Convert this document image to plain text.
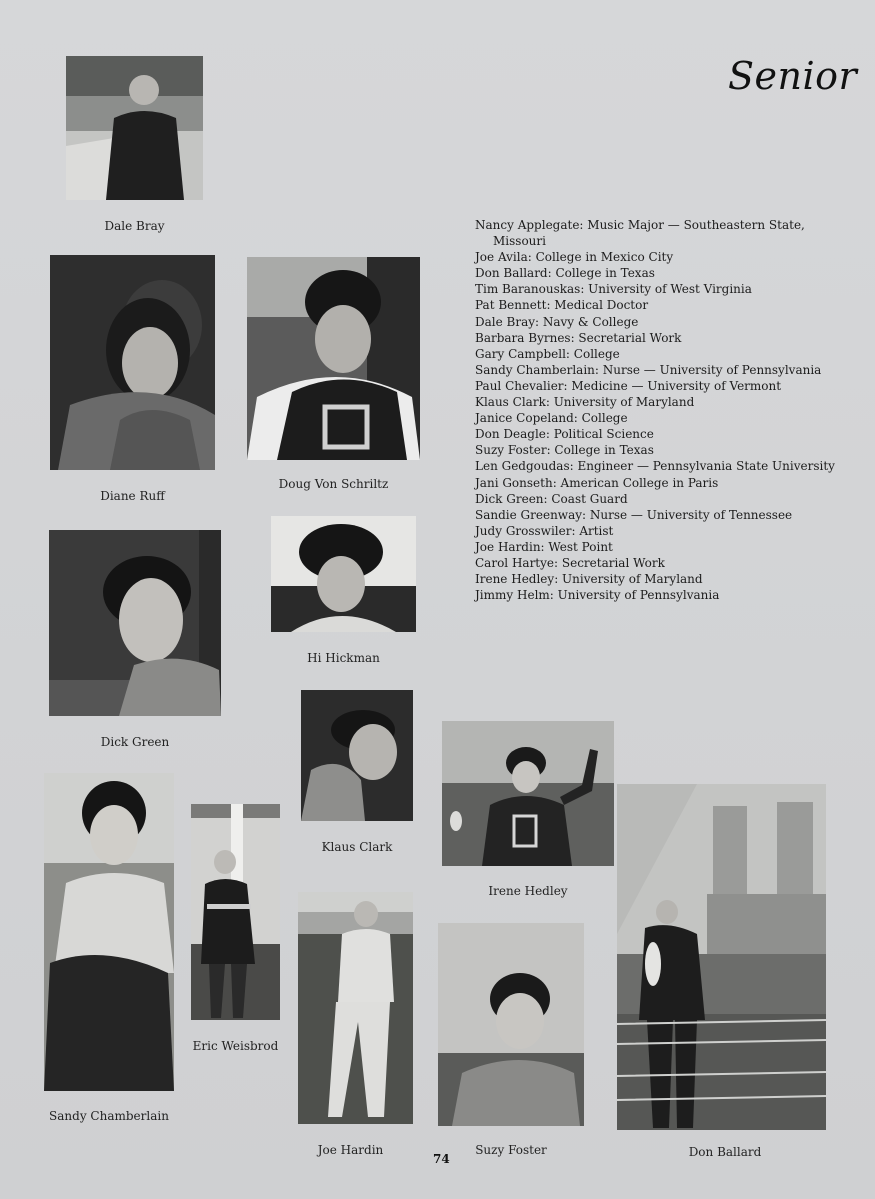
Senior
Dale Bray
Diane Ruff
Doug Von Schriltz
Hi Hickman
Dick Green
Klaus Clark
Irene Hedley
Sandy Chamberlain
Eric Weisbrod
Joe Hardin	Suzy Foster	Don Ballard
Nancy Applegate: Music Major — Southeastern State,
Missouri
Joe Avila: College in Mexico City
Don Ballard: College in Texas
Tim Baranouskas: University of West Virginia
Pat Bennett: Medical Doctor
Dale Bray: Navy & College
Barbara Byrnes: Secretarial Work
Gary Campbell: College
Sandy Chamberlain: Nurse — University of Pennsylvania
Paul Chevalier: Medicine — University of Vermont
Klaus Clark: University of Maryland
Janice Copeland: College
Don Deagle: Political Science
Suzy Foster: College in Texas
Len Gedgoudas: Engineer — Pennsylvania State University
Jani Gonseth: American College in Paris
Dick Green: Coast Guard
Sandie Greenway: Nurse — University of Tennessee
Judy Grosswiler: Artist
Joe Hardin: West Point
Carol Hartye: Secretarial Work
Irene Hedley: University of Maryland
Jimmy Helm: University of Pennsylvania
74
